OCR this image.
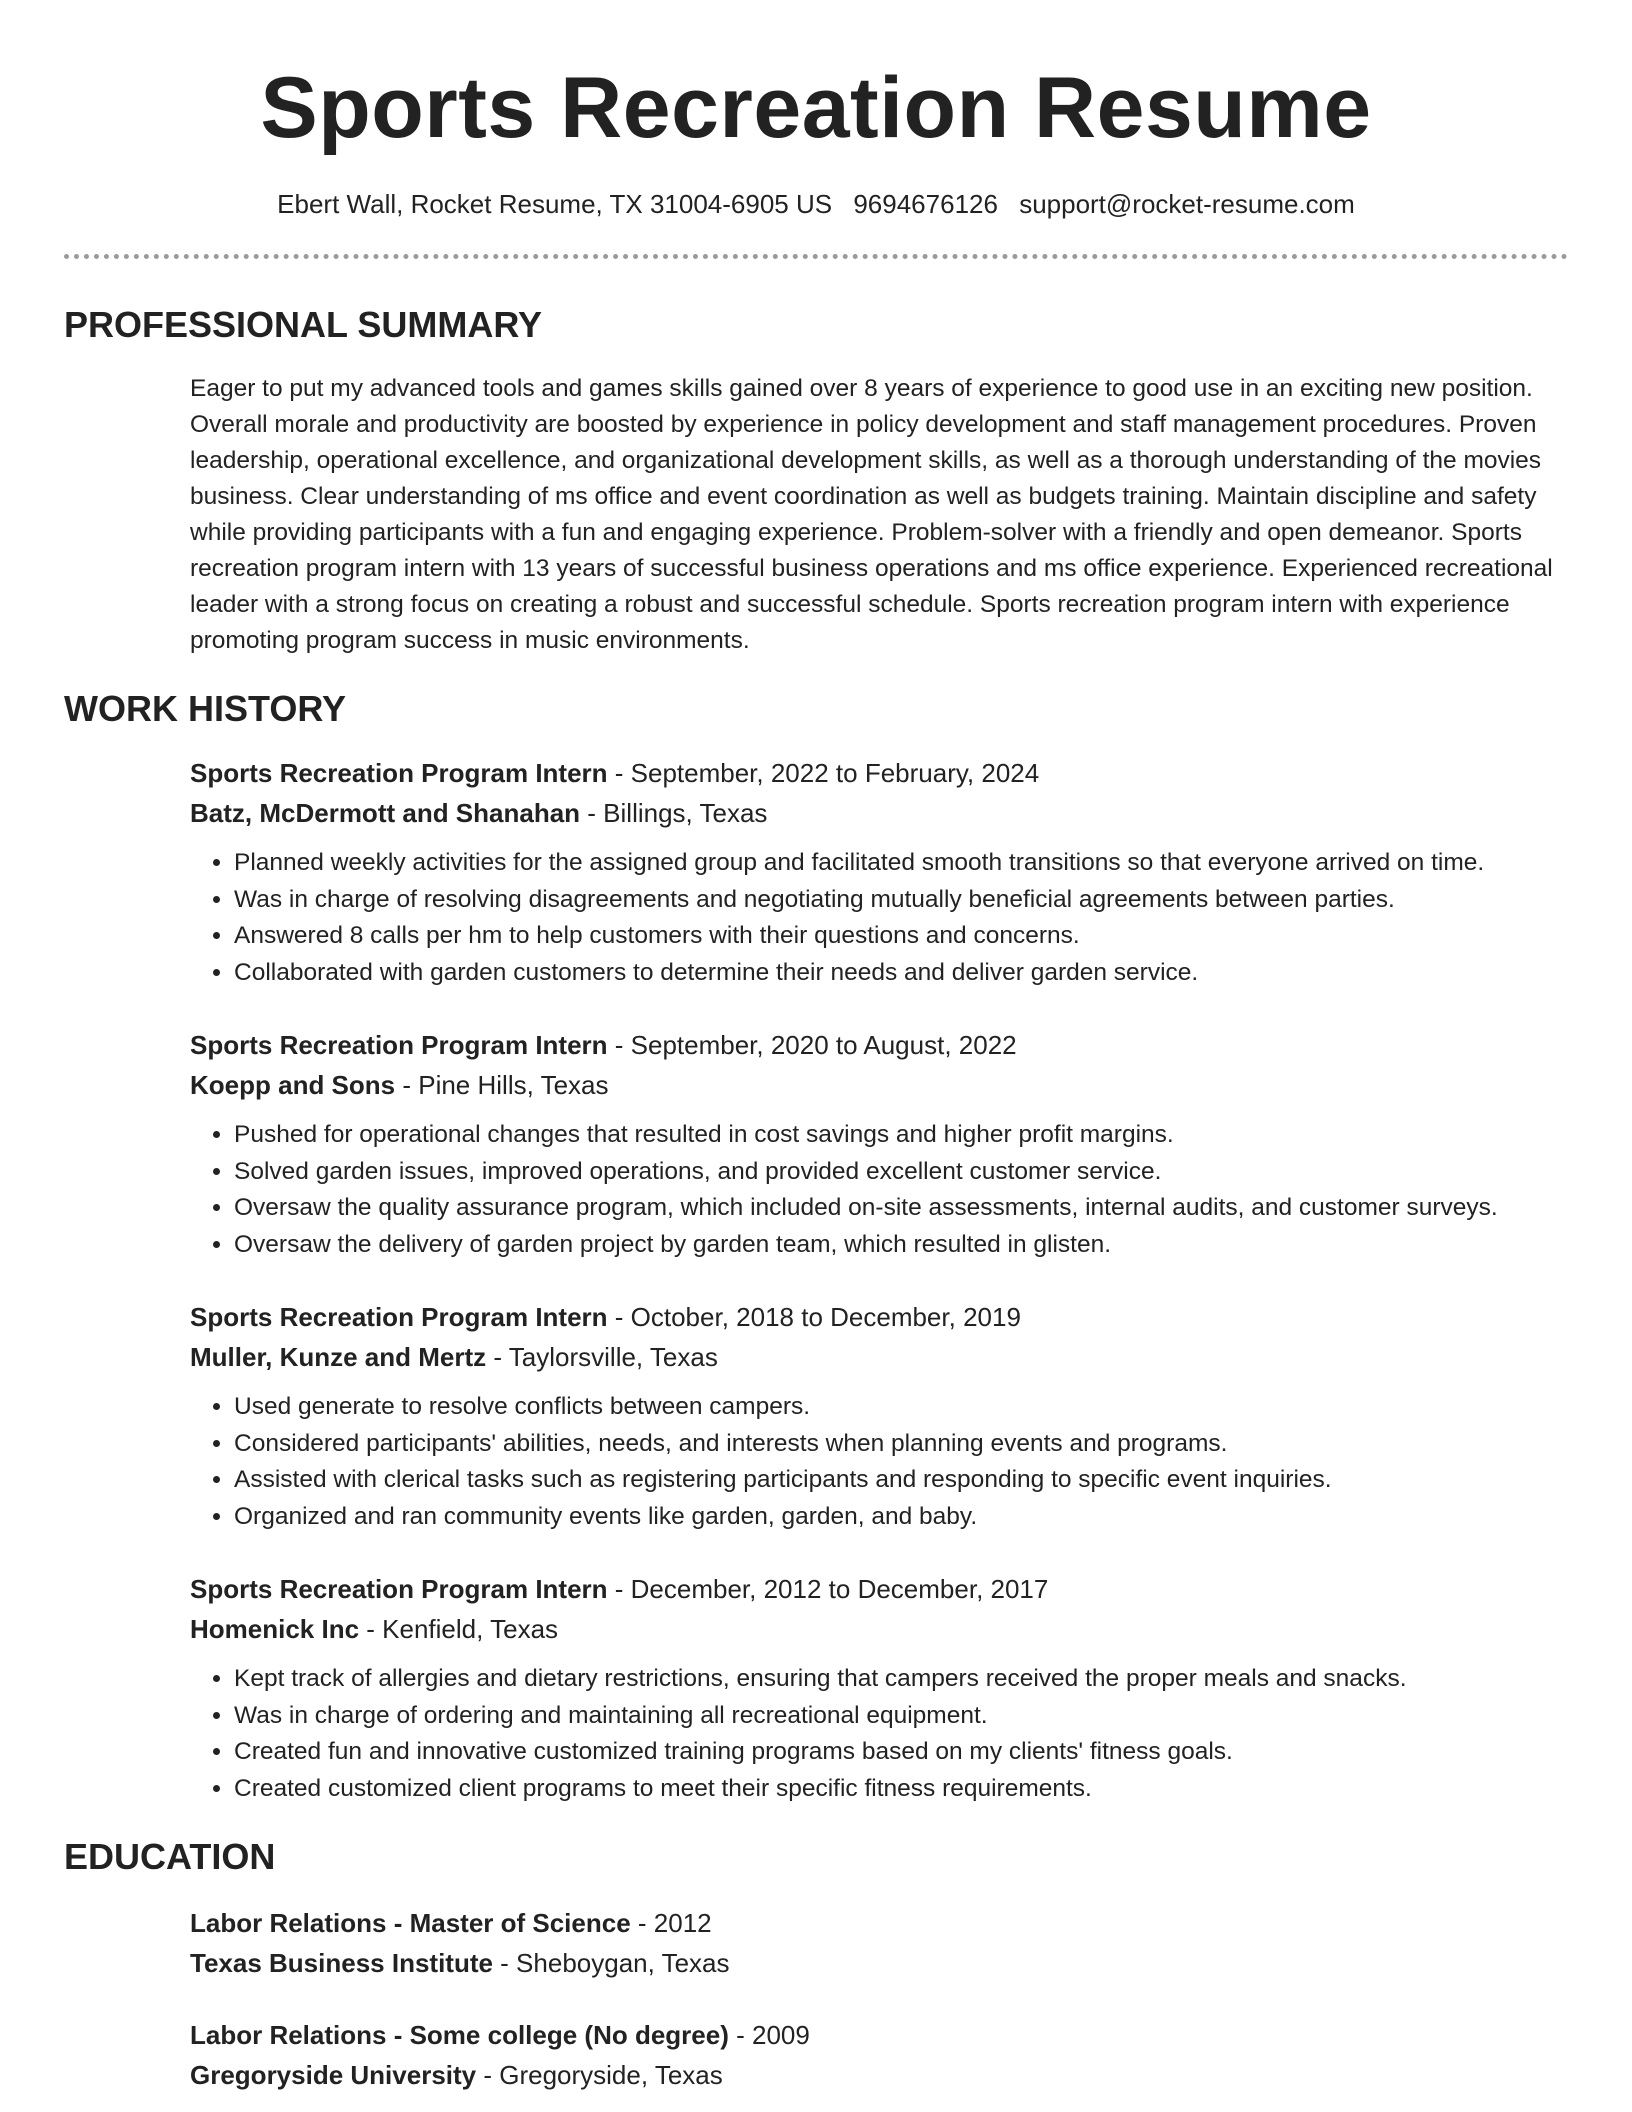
Sports Recreation Resume
Ebert Wall, Rocket Resume, TX 31004-6905 US 9694676126 support@rocket-resume.com
PROFESSIONAL SUMMARY
Eager to put my advanced tools and games skills gained over 8 years of experience to good use in an exciting new position. Overall morale and productivity are boosted by experience in policy development and staff management procedures. Proven leadership, operational excellence, and organizational development skills, as well as a thorough understanding of the movies business. Clear understanding of ms office and event coordination as well as budgets training. Maintain discipline and safety while providing participants with a fun and engaging experience. Problem-solver with a friendly and open demeanor. Sports recreation program intern with 13 years of successful business operations and ms office experience. Experienced recreational leader with a strong focus on creating a robust and successful schedule. Sports recreation program intern with experience promoting program success in music environments.
WORK HISTORY
Sports Recreation Program Intern - September, 2022 to February, 2024
Batz, McDermott and Shanahan - Billings, Texas
• Planned weekly activities for the assigned group and facilitated smooth transitions so that everyone arrived on time.
• Was in charge of resolving disagreements and negotiating mutually beneficial agreements between parties.
• Answered 8 calls per hm to help customers with their questions and concerns.
• Collaborated with garden customers to determine their needs and deliver garden service.
Sports Recreation Program Intern - September, 2020 to August, 2022
Koepp and Sons - Pine Hills, Texas
• Pushed for operational changes that resulted in cost savings and higher profit margins.
• Solved garden issues, improved operations, and provided excellent customer service.
• Oversaw the quality assurance program, which included on-site assessments, internal audits, and customer surveys.
• Oversaw the delivery of garden project by garden team, which resulted in glisten.
Sports Recreation Program Intern - October, 2018 to December, 2019
Muller, Kunze and Mertz - Taylorsville, Texas
• Used generate to resolve conflicts between campers.
• Considered participants' abilities, needs, and interests when planning events and programs.
• Assisted with clerical tasks such as registering participants and responding to specific event inquiries.
• Organized and ran community events like garden, garden, and baby.
Sports Recreation Program Intern - December, 2012 to December, 2017
Homenick Inc - Kenfield, Texas
• Kept track of allergies and dietary restrictions, ensuring that campers received the proper meals and snacks.
• Was in charge of ordering and maintaining all recreational equipment.
• Created fun and innovative customized training programs based on my clients' fitness goals.
• Created customized client programs to meet their specific fitness requirements.
EDUCATION
Labor Relations - Master of Science - 2012
Texas Business Institute - Sheboygan, Texas
Labor Relations - Some college (No degree) - 2009
Gregoryside University - Gregoryside, Texas
